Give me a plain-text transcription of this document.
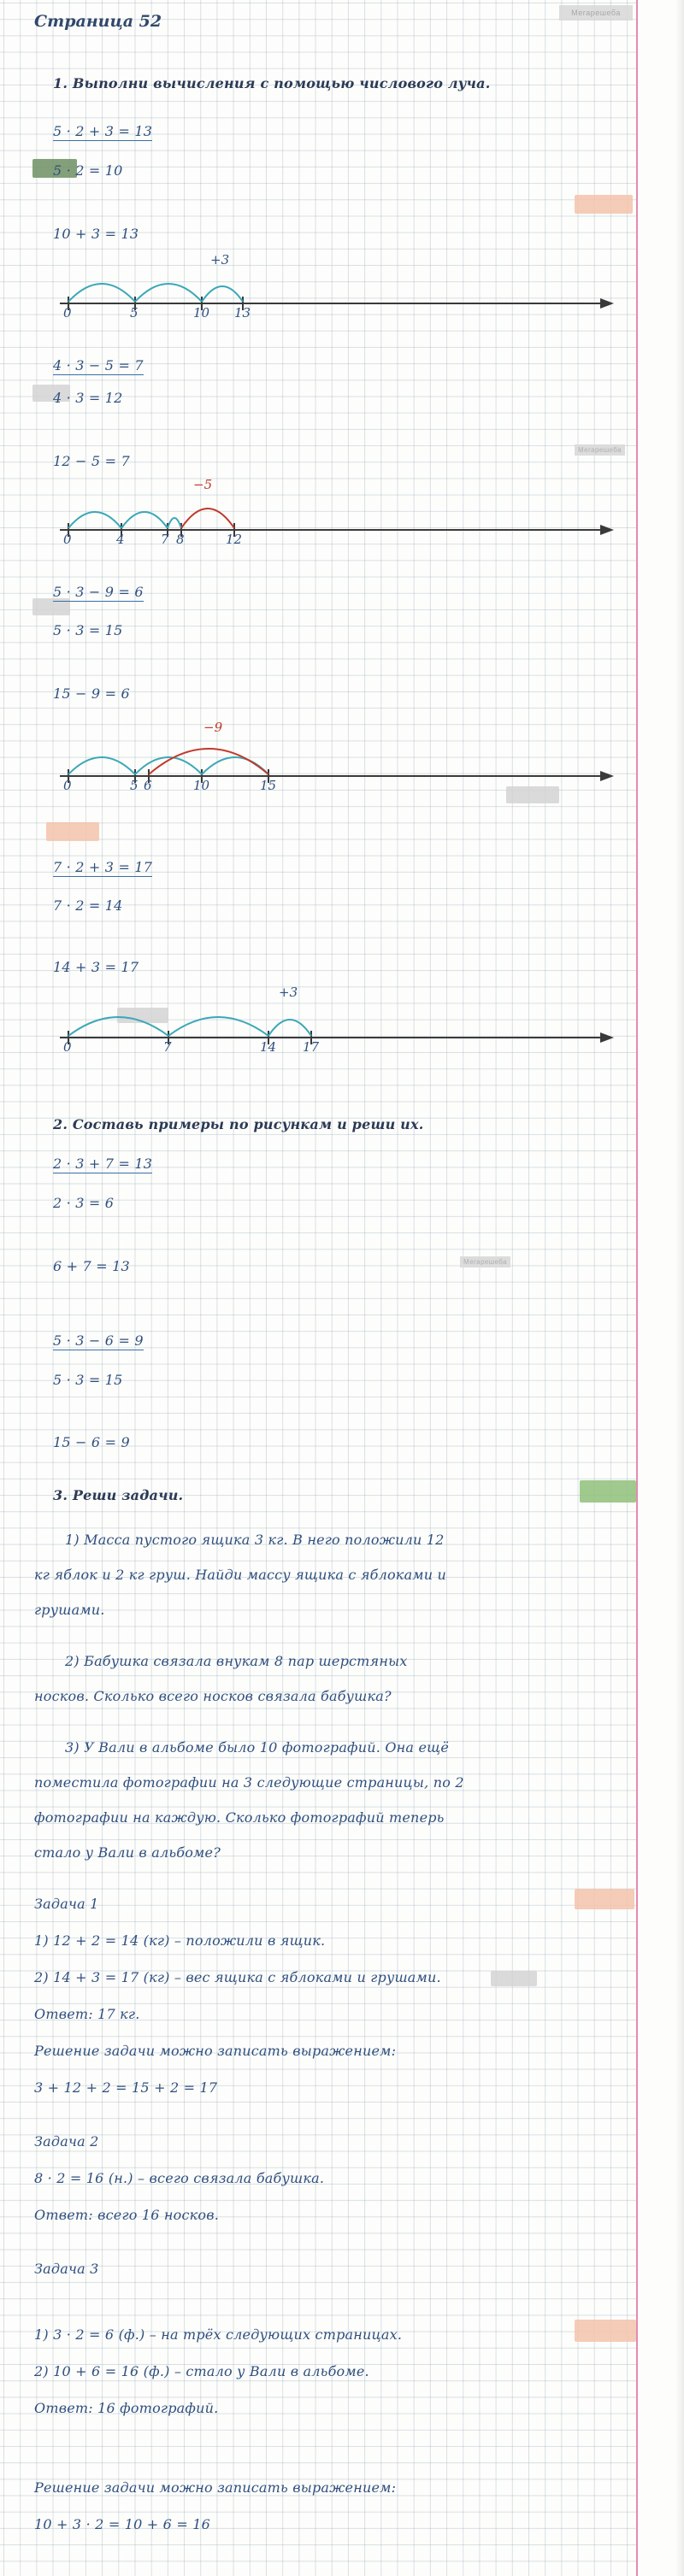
Страница 52	Мегарешеба
Мегарешеба
Мегарешеба
1. Выполни вычисления с помощью числового луча.
5 · 2 + 3 = 13
5 · 2 = 10
10 + 3 = 13
0	5	10 13
+3
4 · 3 − 5 = 7
4 · 3 = 12
12 − 5 = 7
0	4	7 8	12
−5
5 · 3 − 9 = 6
5 · 3 = 15
15 − 9 = 6
0	5 6	10	15
−9
7 · 2 + 3 = 17
7 · 2 = 14
14 + 3 = 17
0	7	14 17
+3
2. Составь примеры по рисункам и реши их.
2 · 3 + 7 = 13
2 · 3 = 6
6 + 7 = 13
5 · 3 − 6 = 9
5 · 3 = 15
15 − 6 = 9
3. Реши задачи.
1) Масса пустого ящика 3 кг. В него положили 12
кг яблок и 2 кг груш. Найди массу ящика с яблоками и
грушами.
2) Бабушка связала внукам 8 пар шерстяных
носков. Сколько всего носков связала бабушка?
3) У Вали в альбоме было 10 фотографий. Она ещё
поместила фотографии на 3 следующие страницы, по 2
фотографии на каждую. Сколько фотографий теперь
стало у Вали в альбоме?
Задача 1
1) 12 + 2 = 14 (кг) – положили в ящик.
2) 14 + 3 = 17 (кг) – вес ящика с яблоками и грушами.
Ответ: 17 кг.
Решение задачи можно записать выражением:
3 + 12 + 2 = 15 + 2 = 17
Задача 2
8 · 2 = 16 (н.) – всего связала бабушка.
Ответ: всего 16 носков.
Задача 3
1) 3 · 2 = 6 (ф.) – на трёх следующих страницах.
2) 10 + 6 = 16 (ф.) – стало у Вали в альбоме.
Ответ: 16 фотографий.
Решение задачи можно записать выражением:
10 + 3 · 2 = 10 + 6 = 16
